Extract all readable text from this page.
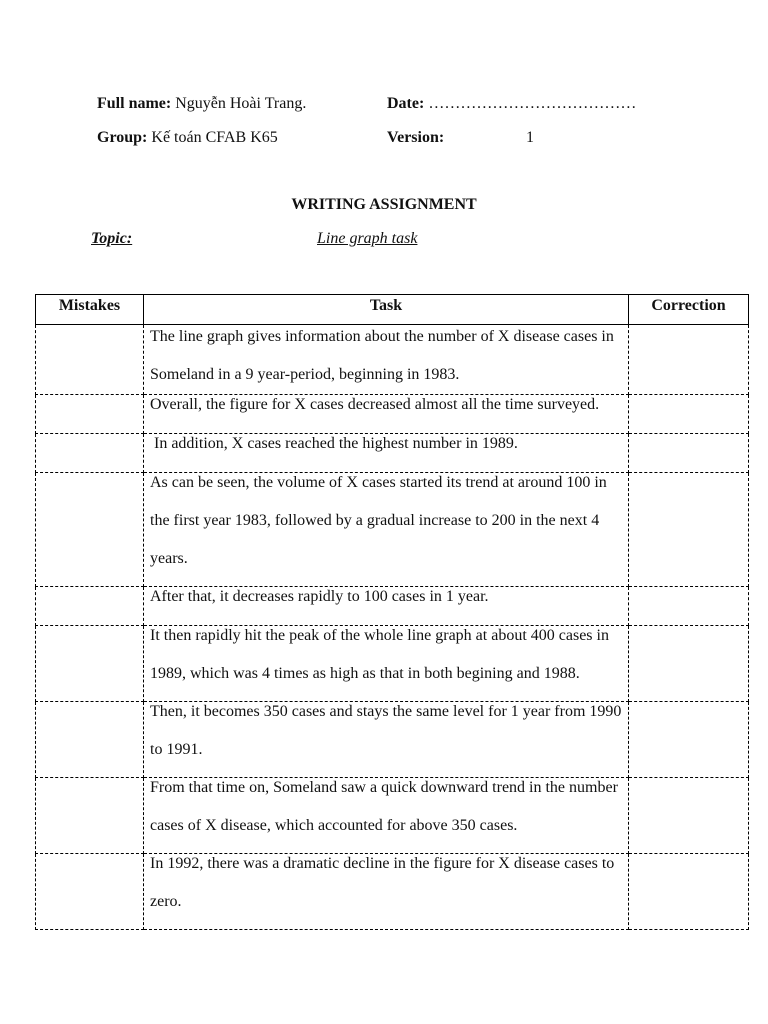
Full name: Nguyễn Hoài Trang.	Date: …………………………………
Group: Kế toán CFAB K65	Version:	1
WRITING ASSIGNMENT
Topic:	Line graph task
Mistakes	Task	Correction

	The line graph gives information about the number of X disease cases in Someland in a 9 year-period, beginning in 1983.	

	Overall, the figure for X cases decreased almost all the time surveyed.	

	In addition, X cases reached the highest number in 1989.	

	As can be seen, the volume of X cases started its trend at around 100 in the first year 1983, followed by a gradual increase to 200 in the next 4 years.	

	After that, it decreases rapidly to 100 cases in 1 year.	

	It then rapidly hit the peak of the whole line graph at about 400 cases in 1989, which was 4 times as high as that in both begining and 1988.	

	Then, it becomes 350 cases and stays the same level for 1 year from 1990 to 1991.	

	From that time on, Someland saw a quick downward trend in the number cases of X disease, which accounted for above 350 cases.	

	In 1992, there was a dramatic decline in the figure for X disease cases to zero.	
